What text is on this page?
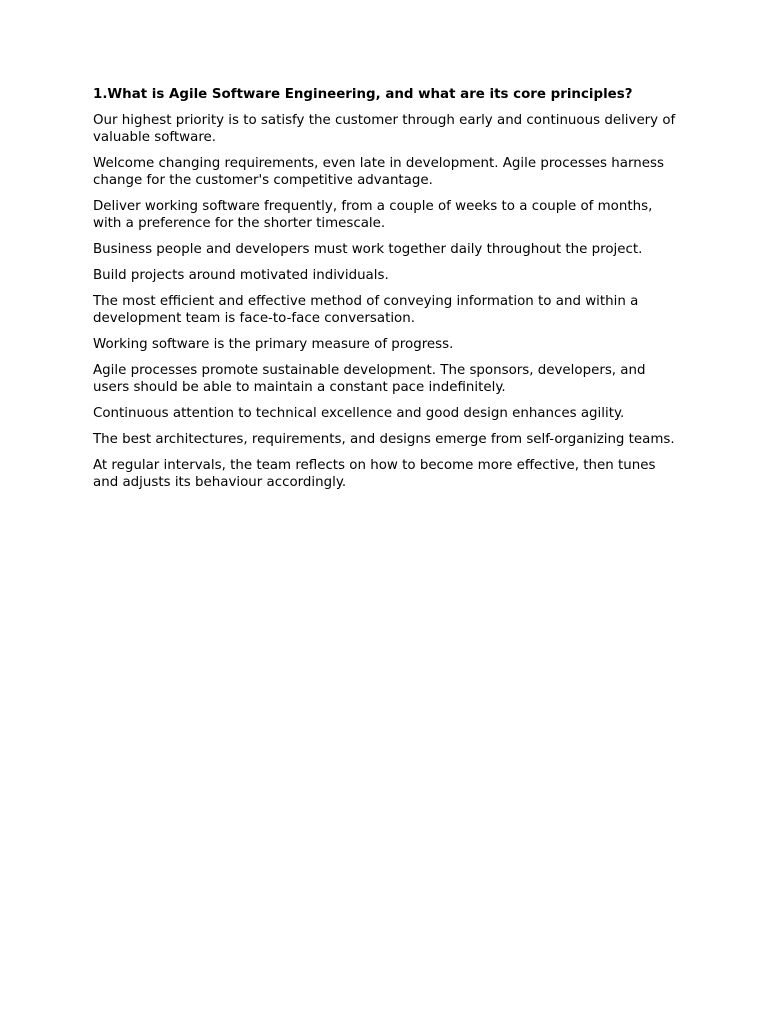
1.What is Agile Software Engineering, and what are its core principles?

Our highest priority is to satisfy the customer through early and continuous delivery of valuable software.

Welcome changing requirements, even late in development. Agile processes harness change for the customer's competitive advantage.

Deliver working software frequently, from a couple of weeks to a couple of months, with a preference for the shorter timescale.

Business people and developers must work together daily throughout the project.

Build projects around motivated individuals.

The most efficient and effective method of conveying information to and within a development team is face-to-face conversation.

Working software is the primary measure of progress.

Agile processes promote sustainable development. The sponsors, developers, and users should be able to maintain a constant pace indefinitely.

Continuous attention to technical excellence and good design enhances agility.

The best architectures, requirements, and designs emerge from self-organizing teams.

At regular intervals, the team reflects on how to become more effective, then tunes and adjusts its behaviour accordingly.
